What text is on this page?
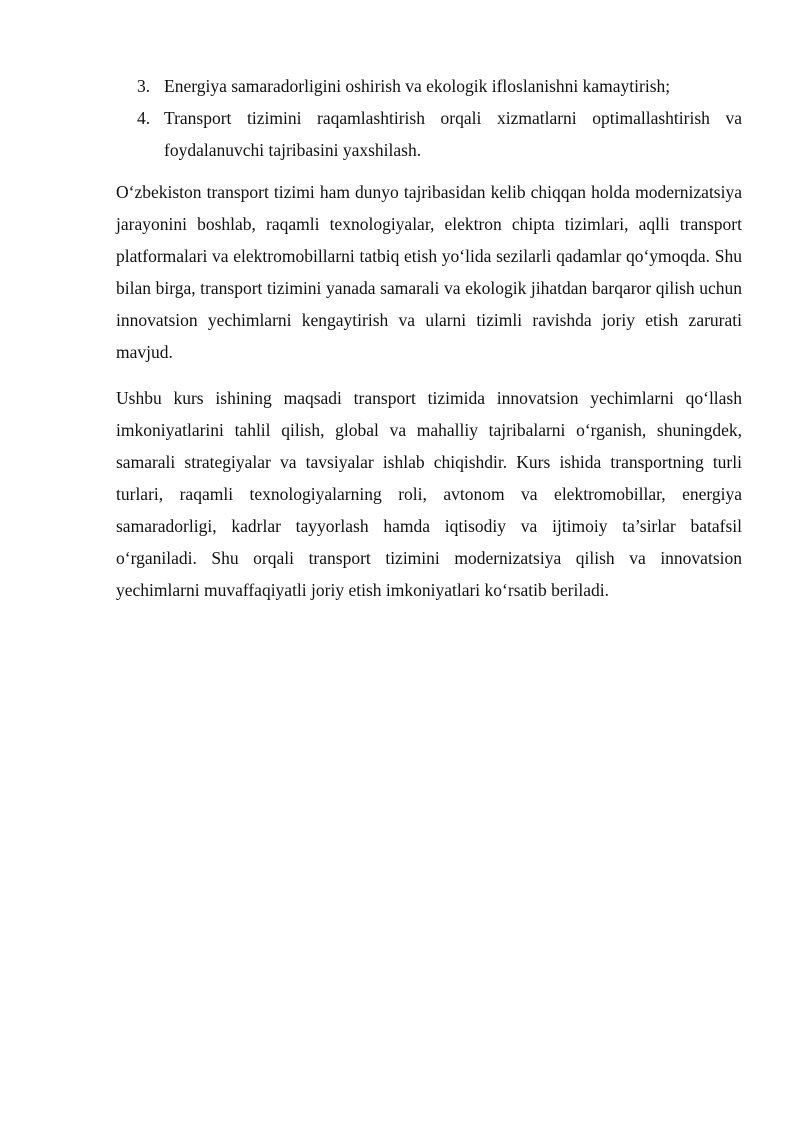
3. Energiya samaradorligini oshirish va ekologik ifloslanishni kamaytirish;
4. Transport tizimini raqamlashtirish orqali xizmatlarni optimallashtirish va foydalanuvchi tajribasini yaxshilash.

O‘zbekiston transport tizimi ham dunyo tajribasidan kelib chiqqan holda modernizatsiya jarayonini boshlab, raqamli texnologiyalar, elektron chipta tizimlari, aqlli transport platformalari va elektromobillarni tatbiq etish yo‘lida sezilarli qadamlar qo‘ymoqda. Shu bilan birga, transport tizimini yanada samarali va ekologik jihatdan barqaror qilish uchun innovatsion yechimlarni kengaytirish va ularni tizimli ravishda joriy etish zarurati mavjud.

Ushbu kurs ishining maqsadi transport tizimida innovatsion yechimlarni qo‘llash imkoniyatlarini tahlil qilish, global va mahalliy tajribalarni o‘rganish, shuningdek, samarali strategiyalar va tavsiyalar ishlab chiqishdir. Kurs ishida transportning turli turlari, raqamli texnologiyalarning roli, avtonom va elektromobillar, energiya samaradorligi, kadrlar tayyorlash hamda iqtisodiy va ijtimoiy ta’sirlar batafsil o‘rganiladi. Shu orqali transport tizimini modernizatsiya qilish va innovatsion yechimlarni muvaffaqiyatli joriy etish imkoniyatlari ko‘rsatib beriladi.
